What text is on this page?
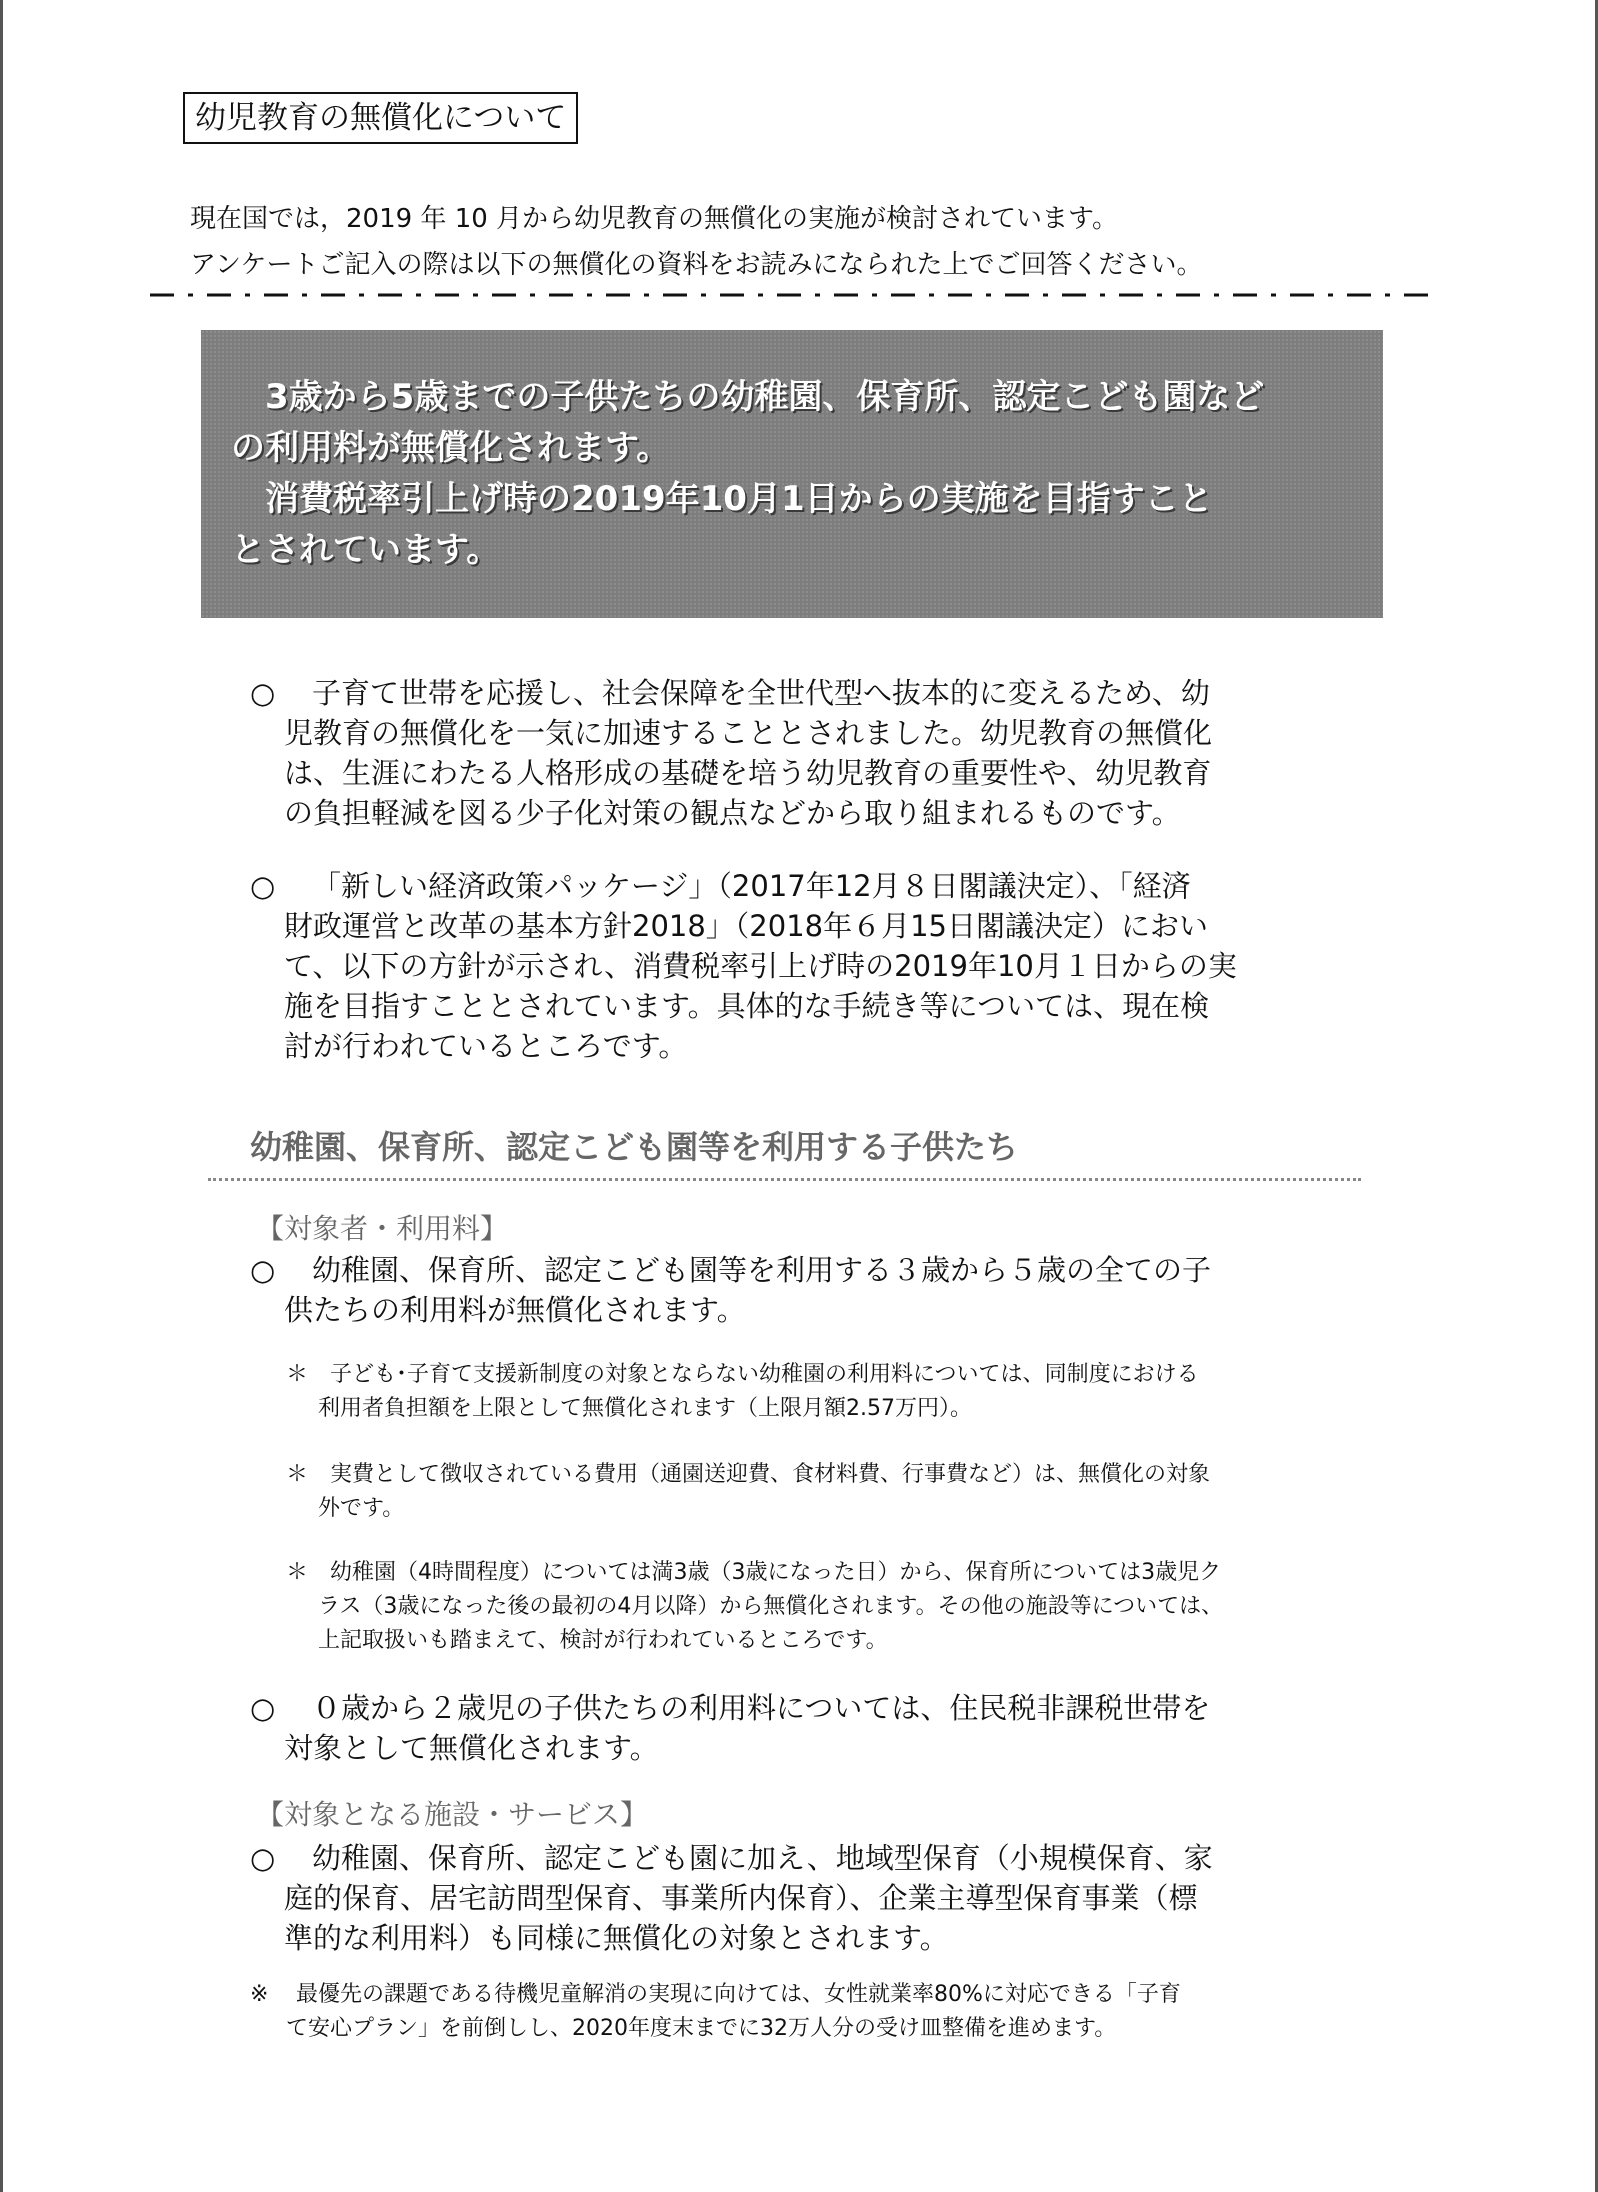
幼児教育の無償化について
現在国では，2019 年 10 月から幼児教育の無償化の実施が検討されています。
アンケートご記入の際は以下の無償化の資料をお読みになられた上でご回答ください。

　3歳から5歳までの子供たちの幼稚園、保育所、認定こども園など

の利用料が無償化されます。

　消費税率引上げ時の2019年10月1日からの実施を目指すこと

とされています。

○ 子育て世帯を応援し、社会保障を全世代型へ抜本的に変えるため、幼
児教育の無償化を一気に加速することとされました。幼児教育の無償化
は、生涯にわたる人格形成の基礎を培う幼児教育の重要性や、幼児教育
の負担軽減を図る少子化対策の観点などから取り組まれるものです。
○ 「新しい経済政策パッケージ」（2017年12月８日閣議決定）、「経済
財政運営と改革の基本方針2018」（2018年６月15日閣議決定）におい
て、以下の方針が示され、消費税率引上げ時の2019年10月１日からの実
施を目指すこととされています。具体的な手続き等については、現在検
討が行われているところです。
幼稚園、保育所、認定こども園等を利用する子供たち
【対象者・利用料】
○ 幼稚園、保育所、認定こども園等を利用する３歳から５歳の全ての子
供たちの利用料が無償化されます。
＊ 子ども･子育て支援新制度の対象とならない幼稚園の利用料については、同制度における
利用者負担額を上限として無償化されます（上限月額2.57万円）。
＊ 実費として徴収されている費用（通園送迎費、食材料費、行事費など）は、無償化の対象
外です。
＊ 幼稚園（4時間程度）については満3歳（3歳になった日）から、保育所については3歳児ク
ラス（3歳になった後の最初の4月以降）から無償化されます。その他の施設等については、
上記取扱いも踏まえて、検討が行われているところです。
○ ０歳から２歳児の子供たちの利用料については、住民税非課税世帯を
対象として無償化されます。
【対象となる施設・サービス】
○ 幼稚園、保育所、認定こども園に加え、地域型保育（小規模保育、家
庭的保育、居宅訪問型保育、事業所内保育）、企業主導型保育事業（標
準的な利用料）も同様に無償化の対象とされます。
※ 最優先の課題である待機児童解消の実現に向けては、女性就業率80%に対応できる「子育
て安心プラン」を前倒しし、2020年度末までに32万人分の受け皿整備を進めます。
